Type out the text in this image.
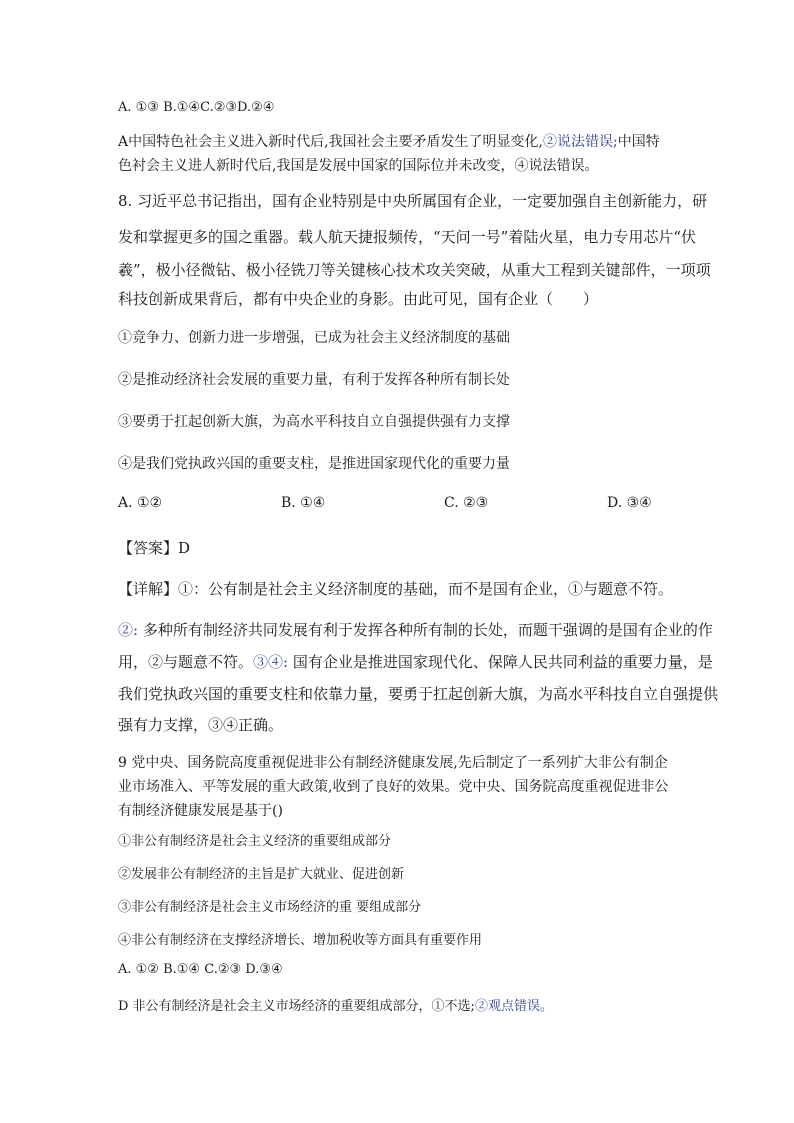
A. ①③ B.①④C.②③D.②④
A中国特色社会主义进入新时代后,我国社会主要矛盾发生了明显变化,②说法错误;中国特
色衬会主义进人新时代后,我国是发展中国家的国际位并未改变，④说法错误。
8. 习近平总书记指出，国有企业特别是中央所属国有企业，一定要加强自主创新能力，研
发和掌握更多的国之重器。载人航天捷报频传，“天问一号”着陆火星，电力专用芯片“伏
羲”，极小径微钻、极小径铣刀等关键核心技术攻关突破，从重大工程到关键部件，一项项
科技创新成果背后，都有中央企业的身影。由此可见，国有企业（　　）
①竞争力、创新力进一步增强，已成为社会主义经济制度的基础
②是推动经济社会发展的重要力量，有利于发挥各种所有制长处
③要勇于扛起创新大旗，为高水平科技自立自强提供强有力支撑
④是我们党执政兴国的重要支柱，是推进国家现代化的重要力量
A. ①②	B. ①④	C. ②③	D. ③④
【答案】D
【详解】①：公有制是社会主义经济制度的基础，而不是国有企业，①与题意不符。
②: 多种所有制经济共同发展有利于发挥各种所有制的长处，而题干强调的是国有企业的作
用，②与题意不符。③④: 国有企业是推进国家现代化、保障人民共同利益的重要力量，是
我们党执政兴国的重要支柱和依靠力量，要勇于扛起创新大旗，为高水平科技自立自强提供
强有力支撑，③④正确。
9 党中央、国务院高度重视促进非公有制经济健康发展,先后制定了一系列扩大非公有制企
业市场准入、平等发展的重大政策,收到了良好的效果。党中央、国务院高度重视促进非公
有制经济健康发展是基于()
①非公有制经济是社会主义经济的重要组成部分
②发展非公有制经济的主旨是扩大就业、促进创新
③非公有制经济是社会主义市场经济的重 要组成部分
④非公有制经济在支撑经济增长、增加税收等方面具有重要作用
A. ①② B.①④ C.②③ D.③④
D 非公有制经济是社会主义市场经济的重要组成部分，①不选;②观点错误。
